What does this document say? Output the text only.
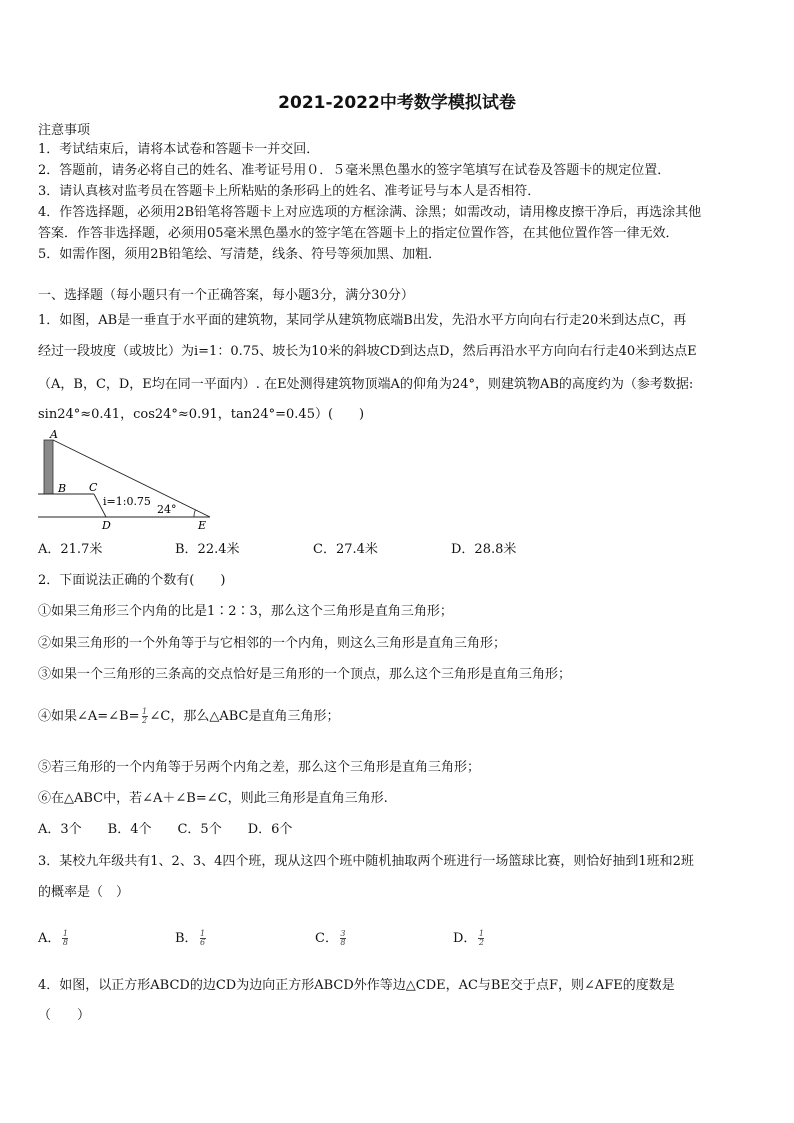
2021-2022中考数学模拟试卷
注意事项
1．考试结束后，请将本试卷和答题卡一并交回．
2．答题前，请务必将自己的姓名、准考证号用０．５毫米黑色墨水的签字笔填写在试卷及答题卡的规定位置．
3．请认真核对监考员在答题卡上所粘贴的条形码上的姓名、准考证号与本人是否相符．
4．作答选择题，必须用2B铅笔将答题卡上对应选项的方框涂满、涂黑；如需改动，请用橡皮擦干净后，再选涂其他
答案．作答非选择题，必须用05毫米黑色墨水的签字笔在答题卡上的指定位置作答，在其他位置作答一律无效．
5．如需作图，须用2B铅笔绘、写清楚，线条、符号等须加黑、加粗．
一、选择题（每小题只有一个正确答案，每小题3分，满分30分）
1．如图，AB是一垂直于水平面的建筑物，某同学从建筑物底端B出发，先沿水平方向向右行走20米到达点C，再
经过一段坡度（或坡比）为i=1：0.75、坡长为10米的斜坡CD到达点D，然后再沿水平方向向右行走40米到达点E
（A，B，C，D，E均在同一平面内）. 在E处测得建筑物顶端A的仰角为24°，则建筑物AB的高度约为（参考数据:
sin24°≈0.41，cos24°≈0.91，tan24°=0.45）(　　)
A
B C
D	E
i=1:0.75
24°
A．21.7米	B．22.4米	C．27.4米	D．28.8米
2．下面说法正确的个数有(　　)
①如果三角形三个内角的比是1∶2∶3，那么这个三角形是直角三角形；
②如果三角形的一个外角等于与它相邻的一个内角，则这么三角形是直角三角形；
③如果一个三角形的三条高的交点恰好是三角形的一个顶点，那么这个三角形是直角三角形；
④如果∠A=∠B= $\frac{1}{2}$ ∠C，那么△ABC是直角三角形；
⑤若三角形的一个内角等于另两个内角之差，那么这个三角形是直角三角形；
⑥在△ABC中，若∠A＋∠B=∠C，则此三角形是直角三角形.
A．3个　　B．4个　　C．5个　　D．6个
3．某校九年级共有1、2、3、4四个班，现从这四个班中随机抽取两个班进行一场篮球比赛，则恰好抽到1班和2班
的概率是（　）
A． $\frac{1}{8}$	B． $\frac{1}{6}$	C． $\frac{3}{8}$	D． $\frac{1}{2}$
4．如图，以正方形ABCD的边CD为边向正方形ABCD外作等边△CDE，AC与BE交于点F，则∠AFE的度数是
（　　）
